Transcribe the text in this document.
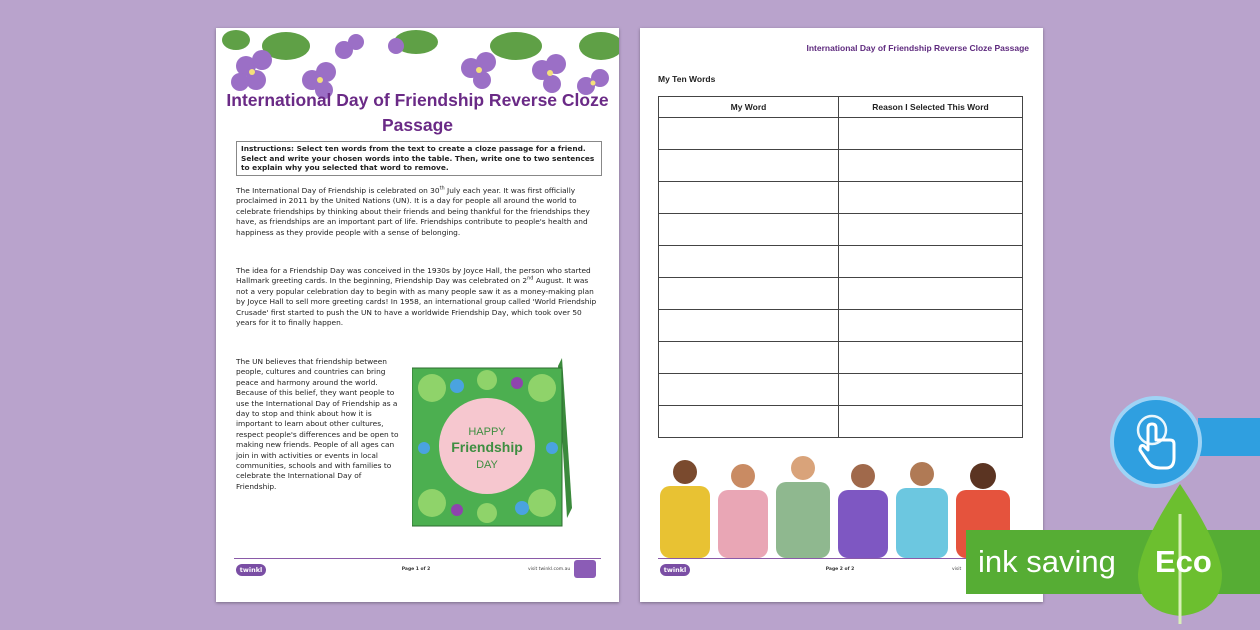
International Day of Friendship Reverse Cloze Passage
Instructions: Select ten words from the text to create a cloze passage for a friend. Select and write your chosen words into the table. Then, write one to two sentences to explain why you selected that word to remove.
The International Day of Friendship is celebrated on 30th July each year. It was first officially proclaimed in 2011 by the United Nations (UN). It is a day for people all around the world to celebrate friendships by thinking about their friends and being thankful for the friendships they have, as friendships are an important part of life. Friendships contribute to people's health and happiness as they provide people with a sense of belonging.
The idea for a Friendship Day was conceived in the 1930s by Joyce Hall, the person who started Hallmark greeting cards. In the beginning, Friendship Day was celebrated on 2nd August. It was not a very popular celebration day to begin with as many people saw it as a money-making plan by Joyce Hall to sell more greeting cards! In 1958, an international group called 'World Friendship Crusade' first started to push the UN to have a worldwide Friendship Day, which took over 50 years for it to finally happen.
The UN believes that friendship between people, cultures and countries can bring peace and harmony around the world. Because of this belief, they want people to use the International Day of Friendship as a day to stop and think about how it is important to learn about other cultures, respect people's differences and be open to making new friends. People of all ages can join in with activities or events in local communities, schools and with families to celebrate the International Day of Friendship.
HAPPY
Friendship
DAY
twinkl	Page 1 of 2	visit twinkl.com.au
International Day of Friendship Reverse Cloze Passage
My Ten Words
My Word	Reason I Selected This Word

twinkl	Page 2 of 2	visit ink saving Eco
